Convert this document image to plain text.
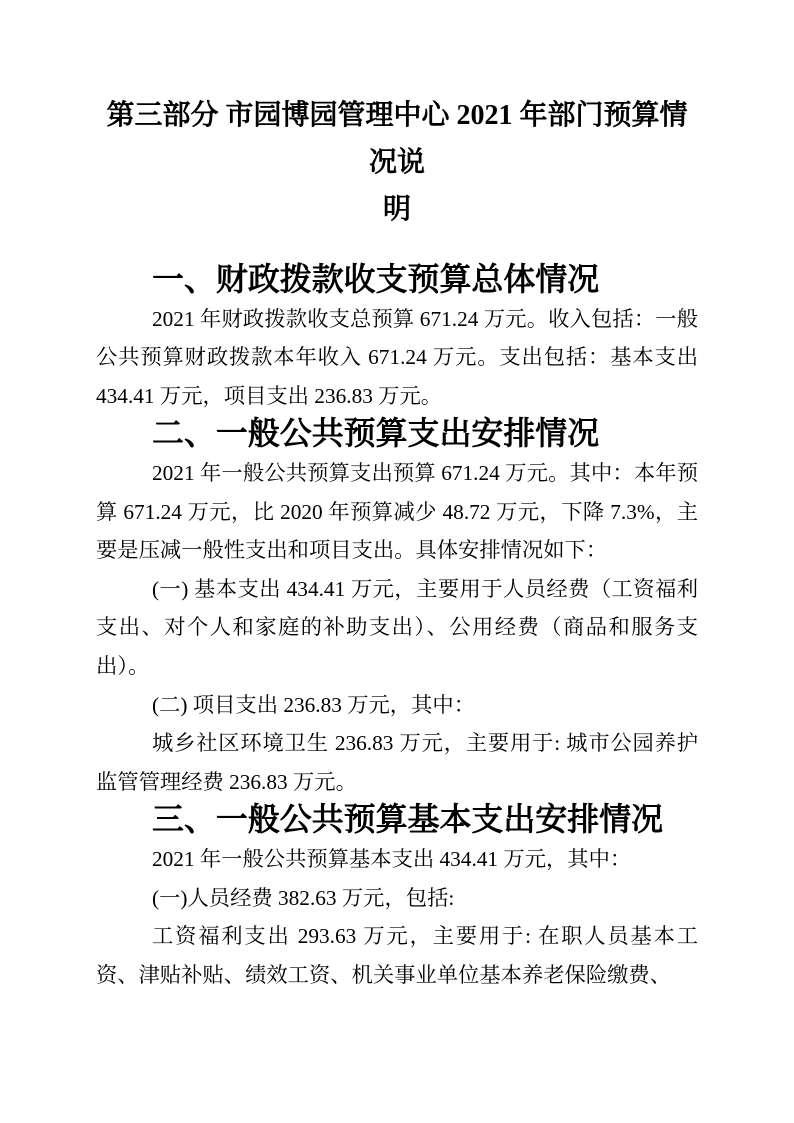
第三部分 市园博园管理中心 2021 年部门预算情况说
明
一、财政拨款收支预算总体情况

2021 年财政拨款收支总预算 671.24 万元。收入包括：一般公共预算财政拨款本年收入 671.24 万元。支出包括：基本支出 434.41 万元，项目支出 236.83 万元。

二、一般公共预算支出安排情况

2021 年一般公共预算支出预算 671.24 万元。其中：本年预算 671.24 万元，比 2020 年预算减少 48.72 万元，下降 7.3%，主要是压减一般性支出和项目支出。具体安排情况如下：

(一) 基本支出 434.41 万元，主要用于人员经费（工资福利支出、对个人和家庭的补助支出）、公用经费（商品和服务支出）。

(二) 项目支出 236.83 万元，其中：

城乡社区环境卫生 236.83 万元，主要用于: 城市公园养护监管管理经费 236.83 万元。

三、一般公共预算基本支出安排情况

2021 年一般公共预算基本支出 434.41 万元，其中：

(一)人员经费 382.63 万元，包括:

工资福利支出 293.63 万元，主要用于: 在职人员基本工资、津贴补贴、绩效工资、机关事业单位基本养老保险缴费、
